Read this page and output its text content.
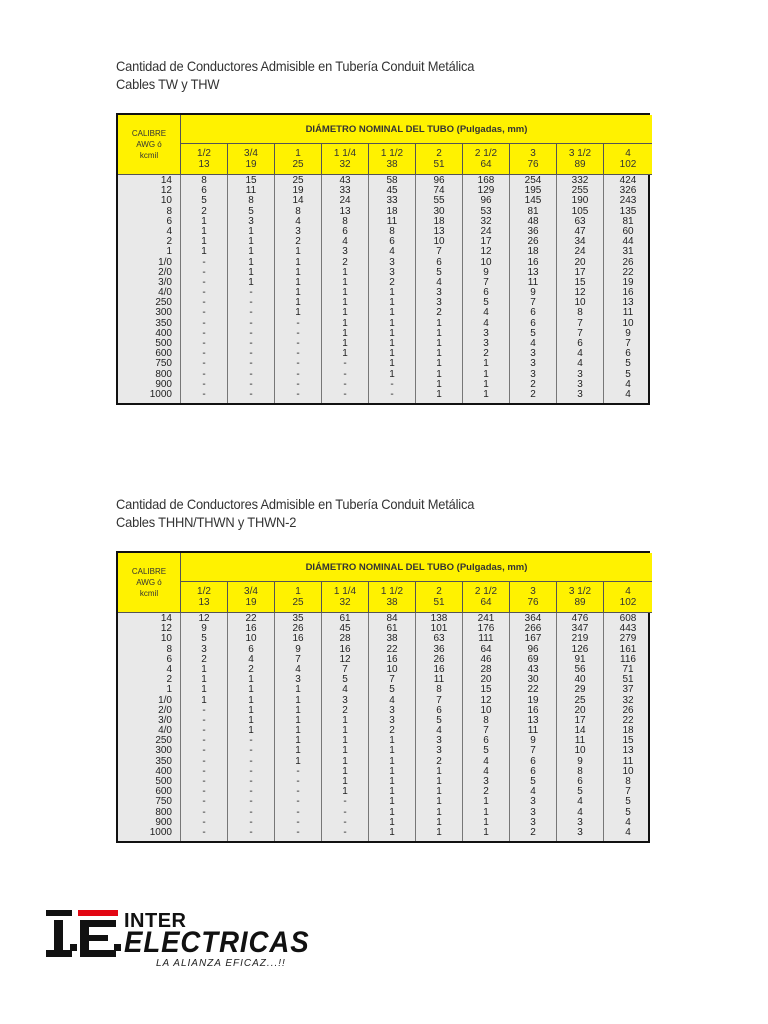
Cantidad de Conductores Admisible en Tubería Conduit Metálica
Cables TW y THW
CALIBRE
AWG ó
kcmil
DIÁMETRO NOMINAL DEL TUBO (Pulgadas, mm)
1/2
13
3/4
19
1
25
1 1/4
32
1 1/2
38
2
51
2 1/2
64
3
76
3 1/2
89
4
102
14
12
10
8
6
4
2
1
1/0
2/0
3/0
4/0
250
300
350
400
500
600
750
800
900
1000
8
6
5
2
1
1
1
1
-
-
-
-
-
-
-
-
-
-
-
-
-
-
15
11
8
5
3
1
1
1
1
1
1
-
-
-
-
-
-
-
-
-
-
-
25
19
14
8
4
3
2
1
1
1
1
1
1
1
-
-
-
-
-
-
-
-
43
33
24
13
8
6
4
3
2
1
1
1
1
1
1
1
1
1
-
-
-
-
58
45
33
18
11
8
6
4
3
3
2
1
1
1
1
1
1
1
1
1
-
-
96
74
55
30
18
13
10
7
6
5
4
3
3
2
1
1
1
1
1
1
1
1
168
129
96
53
32
24
17
12
10
9
7
6
5
4
4
3
3
2
1
1
1
1
254
195
145
81
48
36
26
18
16
13
11
9
7
6
6
5
4
3
3
3
2
2
332
255
190
105
63
47
34
24
20
17
15
12
10
8
7
7
6
4
4
3
3
3
424
326
243
135
81
60
44
31
26
22
19
16
13
11
10
9
7
6
5
5
4
4
Cantidad de Conductores Admisible en Tubería Conduit Metálica
Cables THHN/THWN y THWN-2
CALIBRE
AWG ó
kcmil
DIÁMETRO NOMINAL DEL TUBO (Pulgadas, mm)
1/2
13
3/4
19
1
25
1 1/4
32
1 1/2
38
2
51
2 1/2
64
3
76
3 1/2
89
4
102
14
12
10
8
6
4
2
1
1/0
2/0
3/0
4/0
250
300
350
400
500
600
750
800
900
1000
12
9
5
3
2
1
1
1
1
-
-
-
-
-
-
-
-
-
-
-
-
-
22
16
10
6
4
2
1
1
1
1
1
1
-
-
-
-
-
-
-
-
-
-
35
26
16
9
7
4
3
1
1
1
1
1
1
1
1
-
-
-
-
-
-
-
61
45
28
16
12
7
5
4
3
2
1
1
1
1
1
1
1
1
-
-
-
-
84
61
38
22
16
10
7
5
4
3
3
2
1
1
1
1
1
1
1
1
1
1
138
101
63
36
26
16
11
8
7
6
5
4
3
3
2
1
1
1
1
1
1
1
241
176
111
64
46
28
20
15
12
10
8
7
6
5
4
4
3
2
1
1
1
1
364
266
167
96
69
43
30
22
19
16
13
11
9
7
6
6
5
4
3
3
3
2
476
347
219
126
91
56
40
29
25
20
17
14
11
10
9
8
6
5
4
4
3
3
608
443
279
161
116
71
51
37
32
26
22
18
15
13
11
10
8
7
5
5
4
4
INTER
ELECTRICAS
LA ALIANZA EFICAZ...!!
